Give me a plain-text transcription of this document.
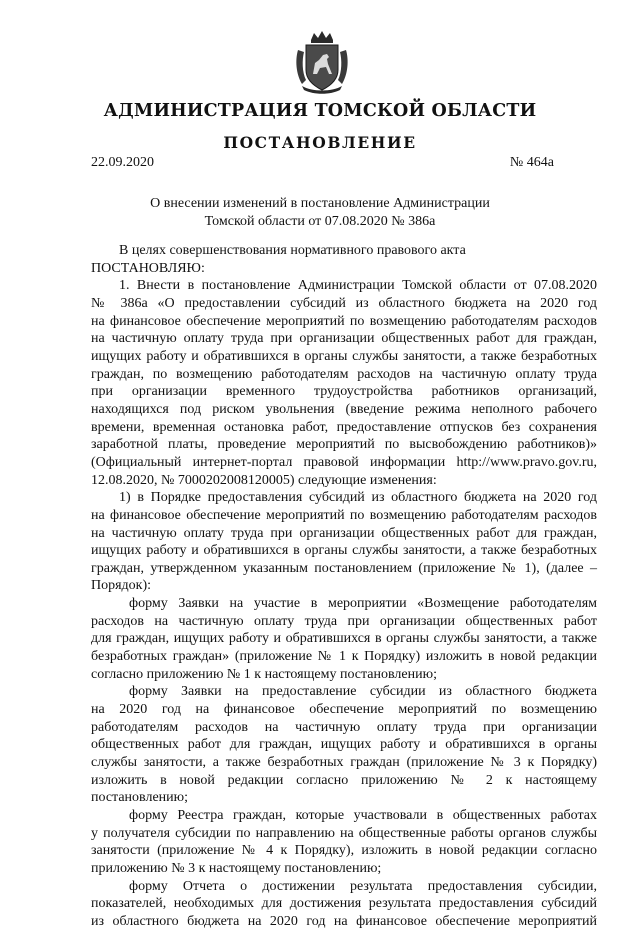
АДМИНИСТРАЦИЯ ТОМСКОЙ ОБЛАСТИ
ПОСТАНОВЛЕНИЕ
22.09.2020	№ 464а
О внесении изменений в постановление Администрации
Томской области от 07.08.2020 № 386а
В целях совершенствования нормативного правового акта
ПОСТАНОВЛЯЮ:
1. Внести в постановление Администрации Томской области от 07.08.2020
№ 386а «О предоставлении субсидий из областного бюджета на 2020 год
на финансовое обеспечение мероприятий по возмещению работодателям расходов
на частичную оплату труда при организации общественных работ для граждан,
ищущих работу и обратившихся в органы службы занятости, а также безработных
граждан, по возмещению работодателям расходов на частичную оплату труда
при организации временного трудоустройства работников организаций,
находящихся под риском увольнения (введение режима неполного рабочего
времени, временная остановка работ, предоставление отпусков без сохранения
заработной платы, проведение мероприятий по высвобождению работников)»
(Официальный интернет-портал правовой информации http://www.pravo.gov.ru,
12.08.2020, № 7000202008120005) следующие изменения:
1) в Порядке предоставления субсидий из областного бюджета на 2020 год
на финансовое обеспечение мероприятий по возмещению работодателям расходов
на частичную оплату труда при организации общественных работ для граждан,
ищущих работу и обратившихся в органы службы занятости, а также безработных
граждан, утвержденном указанным постановлением (приложение № 1), (далее –
Порядок):
форму Заявки на участие в мероприятии «Возмещение работодателям
расходов на частичную оплату труда при организации общественных работ
для граждан, ищущих работу и обратившихся в органы службы занятости, а также
безработных граждан» (приложение № 1 к Порядку) изложить в новой редакции
согласно приложению № 1 к настоящему постановлению;
форму Заявки на предоставление субсидии из областного бюджета
на 2020 год на финансовое обеспечение мероприятий по возмещению
работодателям расходов на частичную оплату труда при организации
общественных работ для граждан, ищущих работу и обратившихся в органы
службы занятости, а также безработных граждан (приложение № 3 к Порядку)
изложить в новой редакции согласно приложению № 2 к настоящему
постановлению;
форму Реестра граждан, которые участвовали в общественных работах
у получателя субсидии по направлению на общественные работы органов службы
занятости (приложение № 4 к Порядку), изложить в новой редакции согласно
приложению № 3 к настоящему постановлению;
форму Отчета о достижении результата предоставления субсидии,
показателей, необходимых для достижения результата предоставления субсидий
из областного бюджета на 2020 год на финансовое обеспечение мероприятий
